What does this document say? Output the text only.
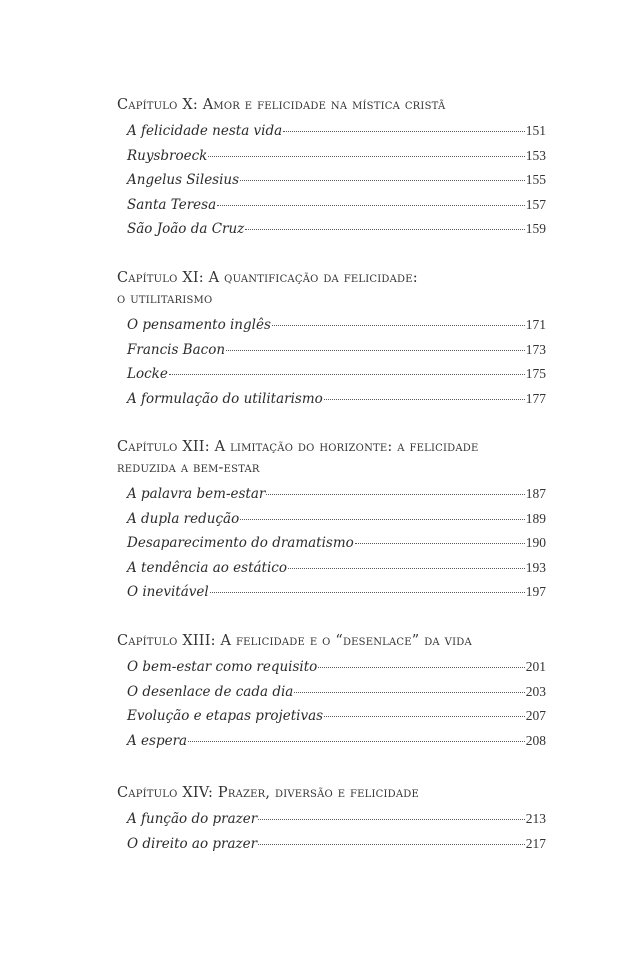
Capítulo X: Amor e felicidade na mística cristã
A felicidade nesta vida	151
Ruysbroeck	153
Angelus Silesius	155
Santa Teresa	157
São João da Cruz	159
Capítulo XI: A quantificação da felicidade:
o utilitarismo
O pensamento inglês	171
Francis Bacon	173
Locke	175
A formulação do utilitarismo	177
Capítulo XII: A limitação do horizonte: a felicidade
reduzida a bem-estar
A palavra bem-estar	187
A dupla redução	189
Desaparecimento do dramatismo	190
A tendência ao estático	193
O inevitável	197
Capítulo XIII: A felicidade e o “desenlace” da vida
O bem-estar como requisito	201
O desenlace de cada dia	203
Evolução e etapas projetivas	207
A espera	208
Capítulo XIV: Prazer, diversão e felicidade
A função do prazer	213
O direito ao prazer	217
